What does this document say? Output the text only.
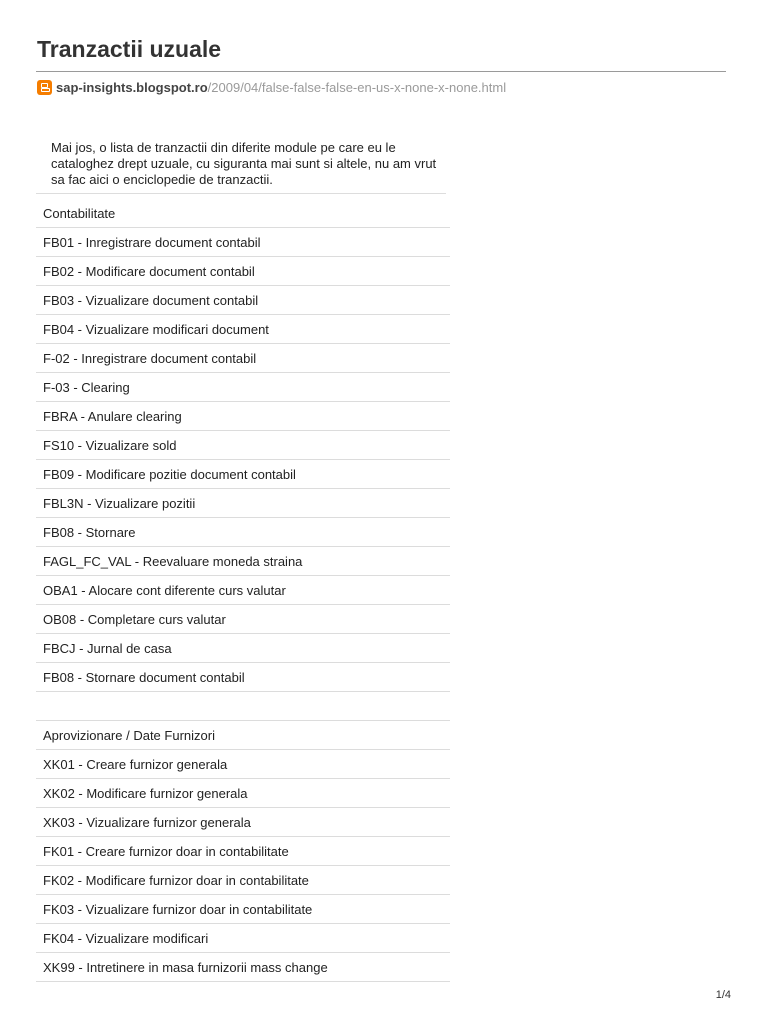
Tranzactii uzuale
sap-insights.blogspot.ro /2009/04/false-false-false-en-us-x-none-x-none.html

Mai jos, o lista de tranzactii din diferite module pe care eu le cataloghez drept uzuale, cu siguranta mai sunt si altele, nu am vrut sa fac aici o enciclopedie de tranzactii.

Contabilitate
FB01 - Inregistrare document contabil
FB02 - Modificare document contabil
FB03 - Vizualizare document contabil
FB04 - Vizualizare modificari document
F-02 - Inregistrare document contabil
F-03 - Clearing
FBRA - Anulare clearing
FS10 - Vizualizare sold
FB09 - Modificare pozitie document contabil
FBL3N - Vizualizare pozitii
FB08 - Stornare
FAGL_FC_VAL - Reevaluare moneda straina
OBA1 - Alocare cont diferente curs valutar
OB08 - Completare curs valutar
FBCJ - Jurnal de casa
FB08 - Stornare document contabil
Aprovizionare / Date Furnizori
XK01 - Creare furnizor generala
XK02 - Modificare furnizor generala
XK03 - Vizualizare furnizor generala
FK01 - Creare furnizor doar in contabilitate
FK02 - Modificare furnizor doar in contabilitate
FK03 - Vizualizare furnizor doar in contabilitate
FK04 - Vizualizare modificari
XK99 - Intretinere in masa furnizorii mass change
1/4
